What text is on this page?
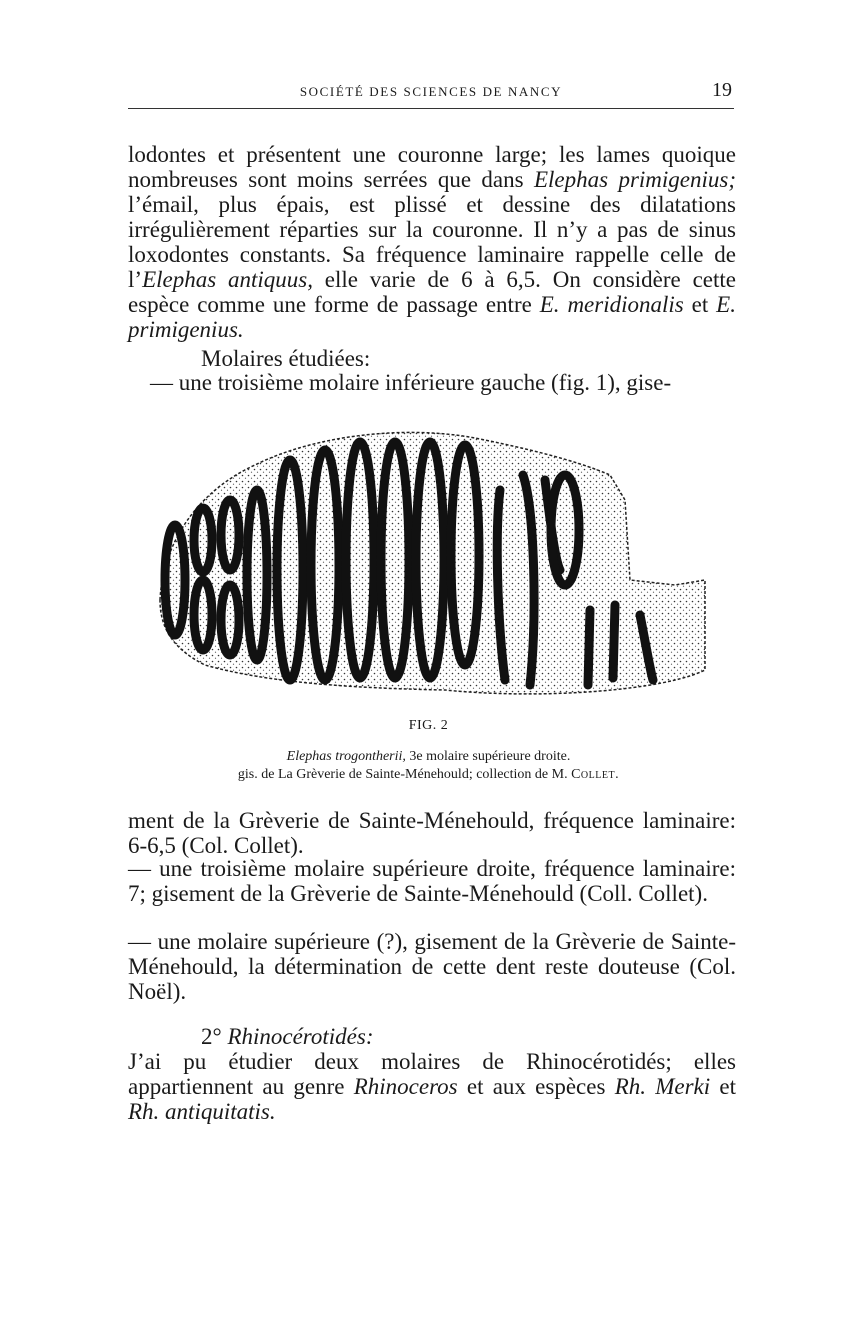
SOCIÉTÉ DES SCIENCES DE NANCY	19

lodontes et présentent une couronne large; les lames quoique nombreuses sont moins serrées que dans Elephas primigenius; l’émail, plus épais, est plissé et dessine des dilatations irrégulièrement réparties sur la couronne. Il n’y a pas de sinus loxodontes constants. Sa fréquence laminaire rappelle celle de l’Elephas antiquus, elle varie de 6 à 6,5. On considère cette espèce comme une forme de passage entre E. meridionalis et E. primigenius.

Molaires étudiées:
— une troisième molaire inférieure gauche (fig. 1), gise-
FIG. 2
Elephas trogontherii, 3e molaire supérieure droite.
gis. de La Grèverie de Sainte-Ménehould; collection de M. Collet.

ment de la Grèverie de Sainte-Ménehould, fréquence laminaire: 6-6,5 (Col. Collet).

— une troisième molaire supérieure droite, fréquence laminaire: 7; gisement de la Grèverie de Sainte-Ménehould (Coll. Collet).

— une molaire supérieure (?), gisement de la Grèverie de Sainte-Ménehould, la détermination de cette dent reste douteuse (Col. Noël).

2° Rhinocérotidés:

J’ai pu étudier deux molaires de Rhinocérotidés; elles appartiennent au genre Rhinoceros et aux espèces Rh. Merki et Rh. antiquitatis.
